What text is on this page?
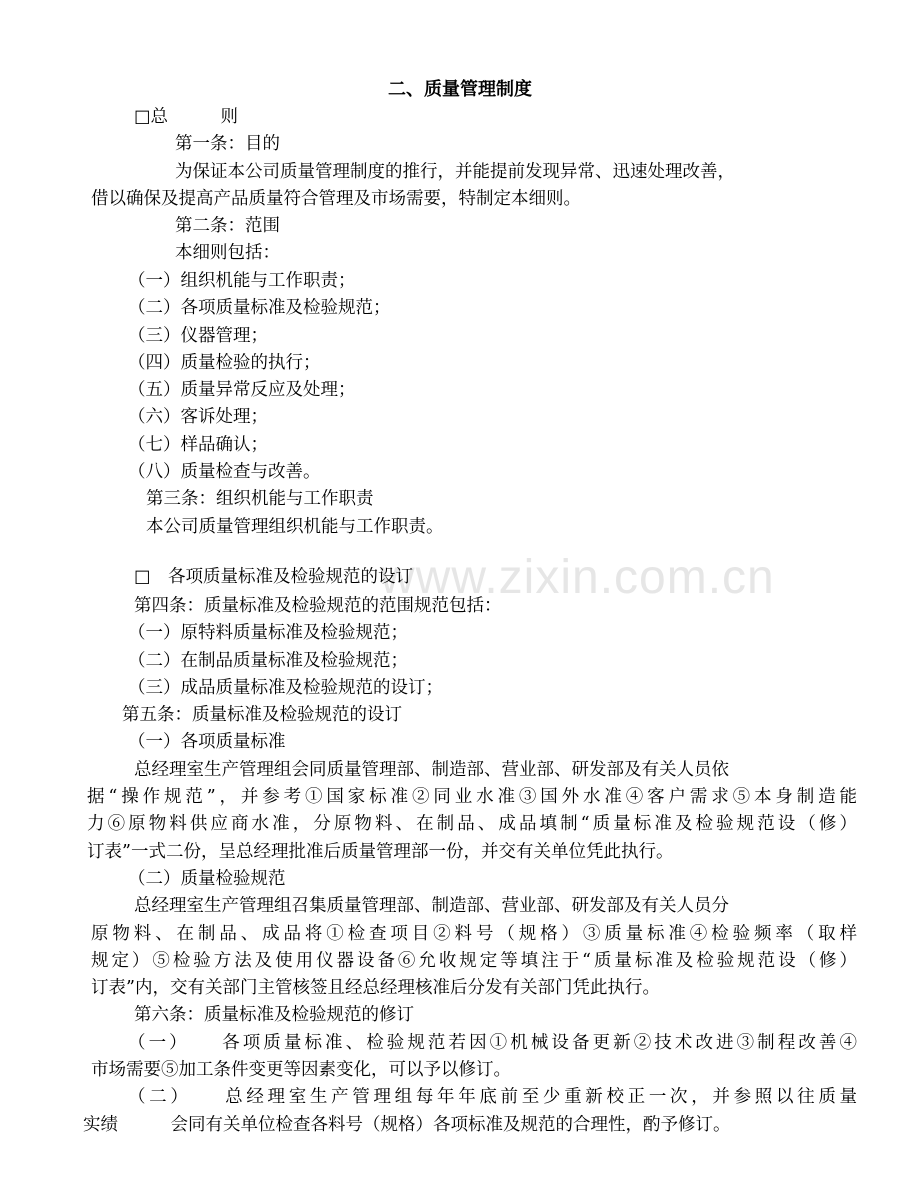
www.zixin.com.cn
二、质量管理制度
□总　　　则
第一条：目的
为保证本公司质量管理制度的推行，并能提前发现异常、迅速处理改善，
借以确保及提高产品质量符合管理及市场需要，特制定本细则。
第二条：范围
本细则包括：
（一）组织机能与工作职责；
（二）各项质量标准及检验规范；
（三）仪器管理；
（四）质量检验的执行；
（五）质量异常反应及处理；
（六）客诉处理；
（七）样品确认；
（八）质量检查与改善。
第三条：组织机能与工作职责
本公司质量管理组织机能与工作职责。
□　各项质量标准及检验规范的设订
第四条：质量标准及检验规范的范围规范包括：
（一）原特料质量标准及检验规范；
（二）在制品质量标准及检验规范；
（三）成品质量标准及检验规范的设订；
第五条：质量标准及检验规范的设订
（一）各项质量标准
总经理室生产管理组会同质量管理部、制造部、营业部、研发部及有关人员依
据“操作规范”，并参考①国家标准②同业水准③国外水准④客户需求⑤本身制造能
力⑥原物料供应商水准，分原物料、在制品、成品填制“质量标准及检验规范设（修）
订表”一式二份，呈总经理批准后质量管理部一份，并交有关单位凭此执行。
（二）质量检验规范
总经理室生产管理组召集质量管理部、制造部、营业部、研发部及有关人员分
原物料、在制品、成品将①检查项目②料号（规格）③质量标准④检验频率（取样
规定）⑤检验方法及使用仪器设备⑥允收规定等填注于“质量标准及检验规范设（修）
订表”内，交有关部门主管核签且经总经理核准后分发有关部门凭此执行。
第六条：质量标准及检验规范的修订
（一）　　各项质量标准、检验规范若因①机械设备更新②技术改进③制程改善④
市场需要⑤加工条件变更等因素变化，可以予以修订。
（二）　　总经理室生产管理组每年年底前至少重新校正一次，并参照以往质量
实绩　　　会同有关单位检查各料号（规格）各项标准及规范的合理性，酌予修订。
